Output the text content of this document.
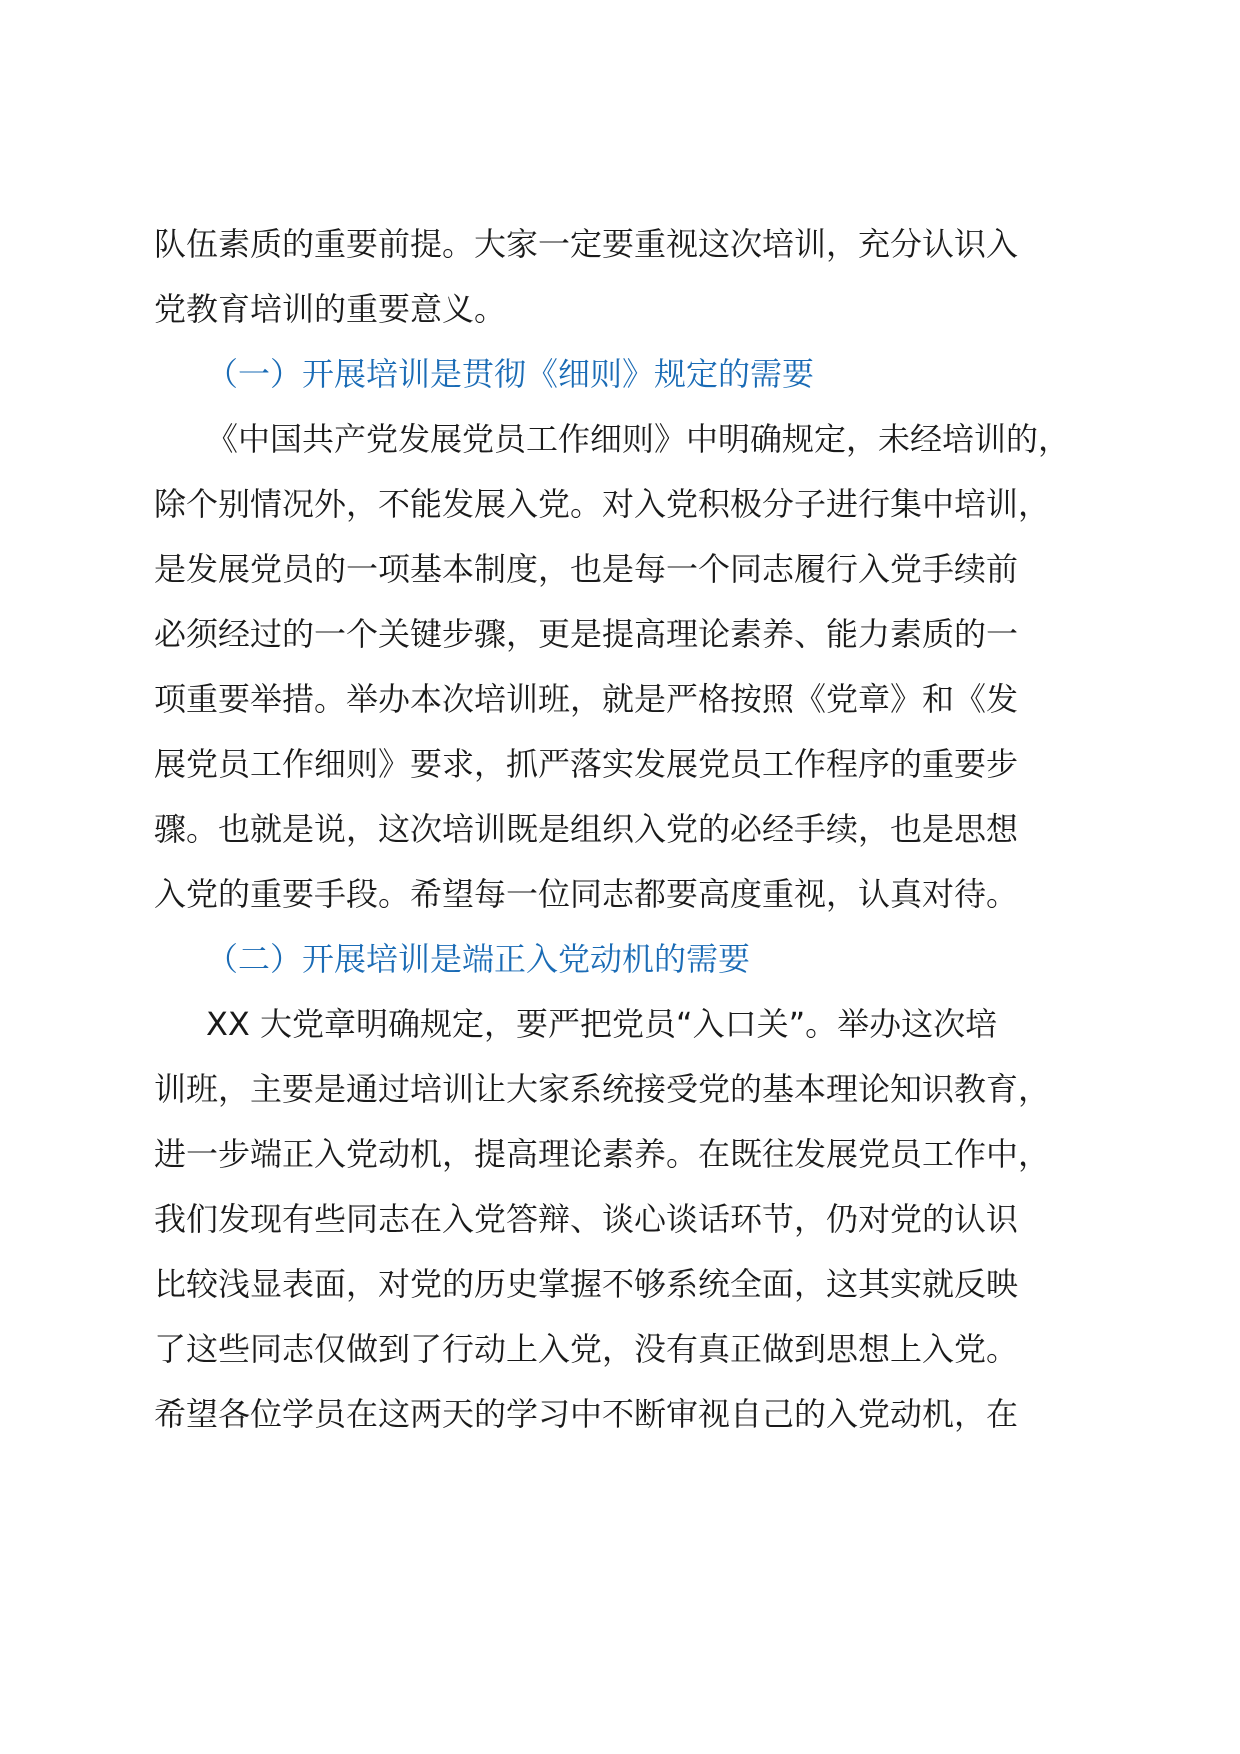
队伍素质的重要前提。大家一定要重视这次培训，充分认识入
党教育培训的重要意义。
（一）开展培训是贯彻《细则》规定的需要
《中国共产党发展党员工作细则》中明确规定，未经培训的，
除个别情况外，不能发展入党。对入党积极分子进行集中培训，
是发展党员的一项基本制度，也是每一个同志履行入党手续前
必须经过的一个关键步骤，更是提高理论素养、能力素质的一
项重要举措。举办本次培训班，就是严格按照《党章》和《发
展党员工作细则》要求，抓严落实发展党员工作程序的重要步
骤。也就是说，这次培训既是组织入党的必经手续，也是思想
入党的重要手段。希望每一位同志都要高度重视，认真对待。
（二）开展培训是端正入党动机的需要
XX 大党章明确规定，要严把党员“入口关”。举办这次培
训班，主要是通过培训让大家系统接受党的基本理论知识教育，
进一步端正入党动机，提高理论素养。在既往发展党员工作中，
我们发现有些同志在入党答辩、谈心谈话环节，仍对党的认识
比较浅显表面，对党的历史掌握不够系统全面，这其实就反映
了这些同志仅做到了行动上入党，没有真正做到思想上入党。
希望各位学员在这两天的学习中不断审视自己的入党动机，在
